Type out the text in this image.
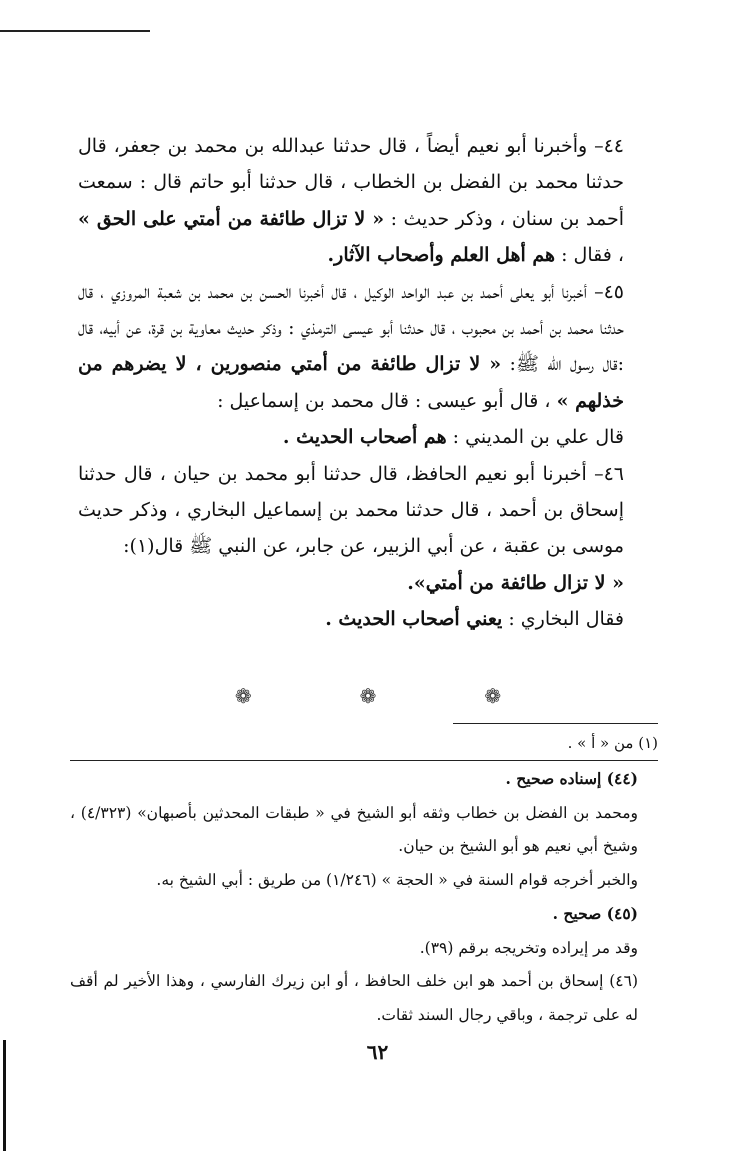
٤٤– وأخبرنا أبو نعيم أيضاً ، قال حدثنا عبدالله بن محمد بن جعفر، قال حدثنا محمد بن الفضل بن الخطاب ، قال حدثنا أبو حاتم قال : سمعت أحمد بن سنان ، وذكر حديث : « لا تزال طائفة من أمتي على الحق » ، فقال : هم أهل العلم وأصحاب الآثار.

٤٥– أخبرنا أبو يعلى أحمد بن عبد الواحد الوكيل ، قال أخبرنا الحسن بن محمد بن شعبة المروزي ، قال حدثنا محمد بن أحمد بن محبوب ، قال حدثنا أبو عيسى الترمذي : وذكر حديث معاوية بن قرة، عن أبيه، قال :قال رسول الله ﷺ: « لا تزال طائفة من أمتي منصورين ، لا يضرهم من خذلهم » ، قال أبو عيسى : قال محمد بن إسماعيل :

قال علي بن المديني : هم أصحاب الحديث .

٤٦– أخبرنا أبو نعيم الحافظ، قال حدثنا أبو محمد بن حيان ، قال حدثنا إسحاق بن أحمد ، قال حدثنا محمد بن إسماعيل البخاري ، وذكر حديث موسى بن عقبة ، عن أبي الزبير، عن جابر، عن النبي ﷺ قال(١):

« لا تزال طائفة من أمتي».

فقال البخاري : يعني أصحاب الحديث .

❁
❁
❁
(١) من « أ » .

(٤٤) إسناده صحيح .

ومحمد بن الفضل بن خطاب وثقه أبو الشيخ في « طبقات المحدثين بأصبهان» (٤/٣٢٣) ، وشيخ أبي نعيم هو أبو الشيخ بن حيان.

والخبر أخرجه قوام السنة في « الحجة » (١/٢٤٦) من طريق : أبي الشيخ به.

(٤٥) صحيح .

وقد مر إيراده وتخريجه برقم (٣٩).

(٤٦) إسحاق بن أحمد هو ابن خلف الحافظ ، أو ابن زيرك الفارسي ، وهذا الأخير لم أقف له على ترجمة ، وباقي رجال السند ثقات.

٦٢
